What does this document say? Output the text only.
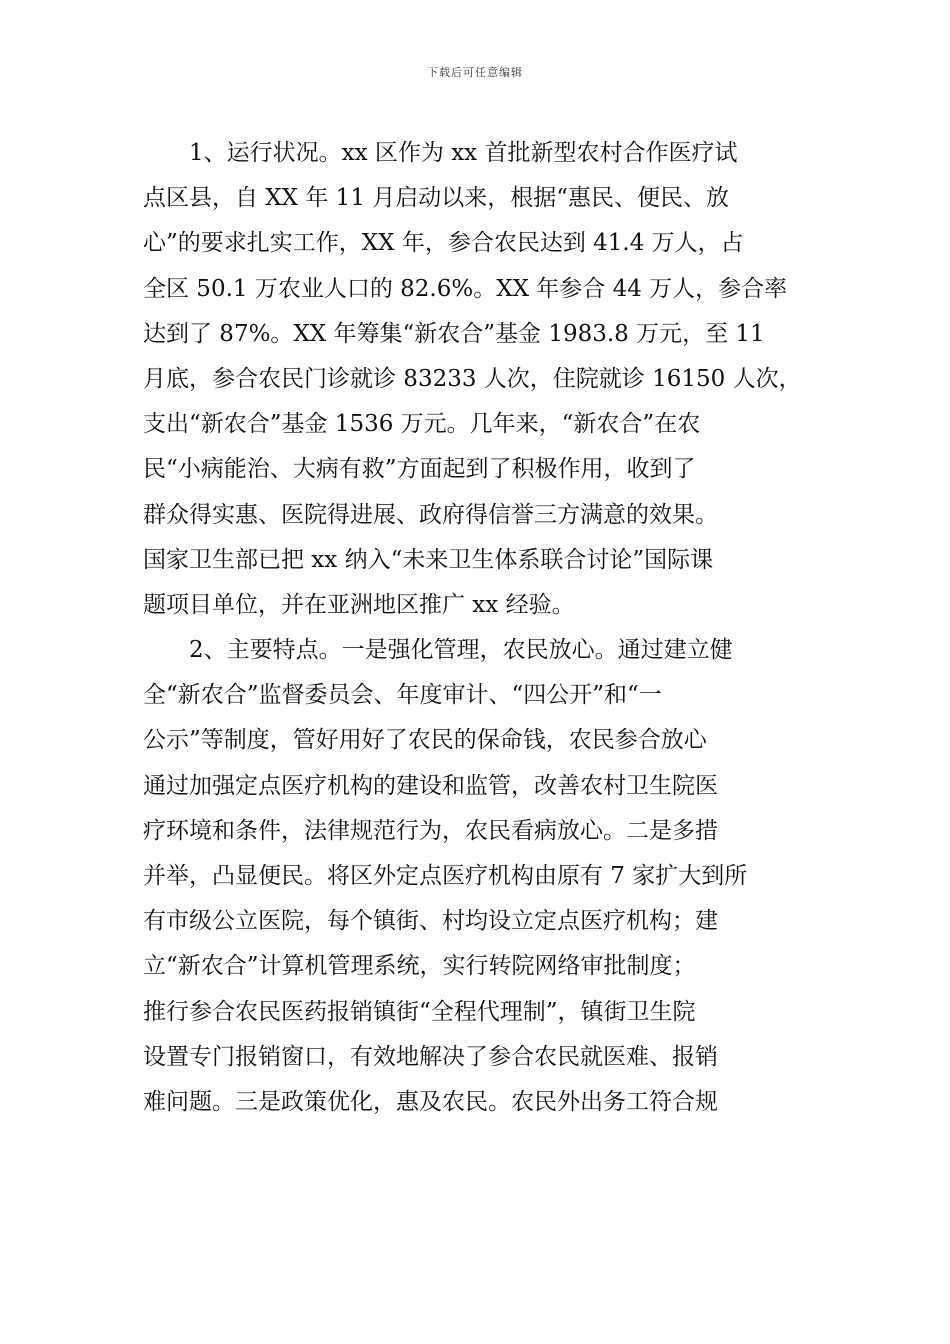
下载后可任意编辑
　　1、运行状况。xx 区作为 xx 首批新型农村合作医疗试
点区县，自 XX 年 11 月启动以来，根据“惠民、便民、放
心”的要求扎实工作，XX 年，参合农民达到 41.4 万人，占
全区 50.1 万农业人口的 82.6%。XX 年参合 44 万人，参合率
达到了 87%。XX 年筹集“新农合”基金 1983.8 万元，至 11
月底，参合农民门诊就诊 83233 人次，住院就诊 16150 人次，
支出“新农合”基金 1536 万元。几年来，“新农合”在农
民“小病能治、大病有救”方面起到了积极作用，收到了
群众得实惠、医院得进展、政府得信誉三方满意的效果。
国家卫生部已把 xx 纳入“未来卫生体系联合讨论”国际课
题项目单位，并在亚洲地区推广 xx 经验。
　　2、主要特点。一是强化管理，农民放心。通过建立健
全“新农合”监督委员会、年度审计、“四公开”和“一
公示”等制度，管好用好了农民的保命钱，农民参合放心
通过加强定点医疗机构的建设和监管，改善农村卫生院医
疗环境和条件，法律规范行为，农民看病放心。二是多措
并举，凸显便民。将区外定点医疗机构由原有 7 家扩大到所
有市级公立医院，每个镇街、村均设立定点医疗机构；建
立“新农合”计算机管理系统，实行转院网络审批制度；
推行参合农民医药报销镇街“全程代理制”，镇街卫生院
设置专门报销窗口，有效地解决了参合农民就医难、报销
难问题。三是政策优化，惠及农民。农民外出务工符合规
